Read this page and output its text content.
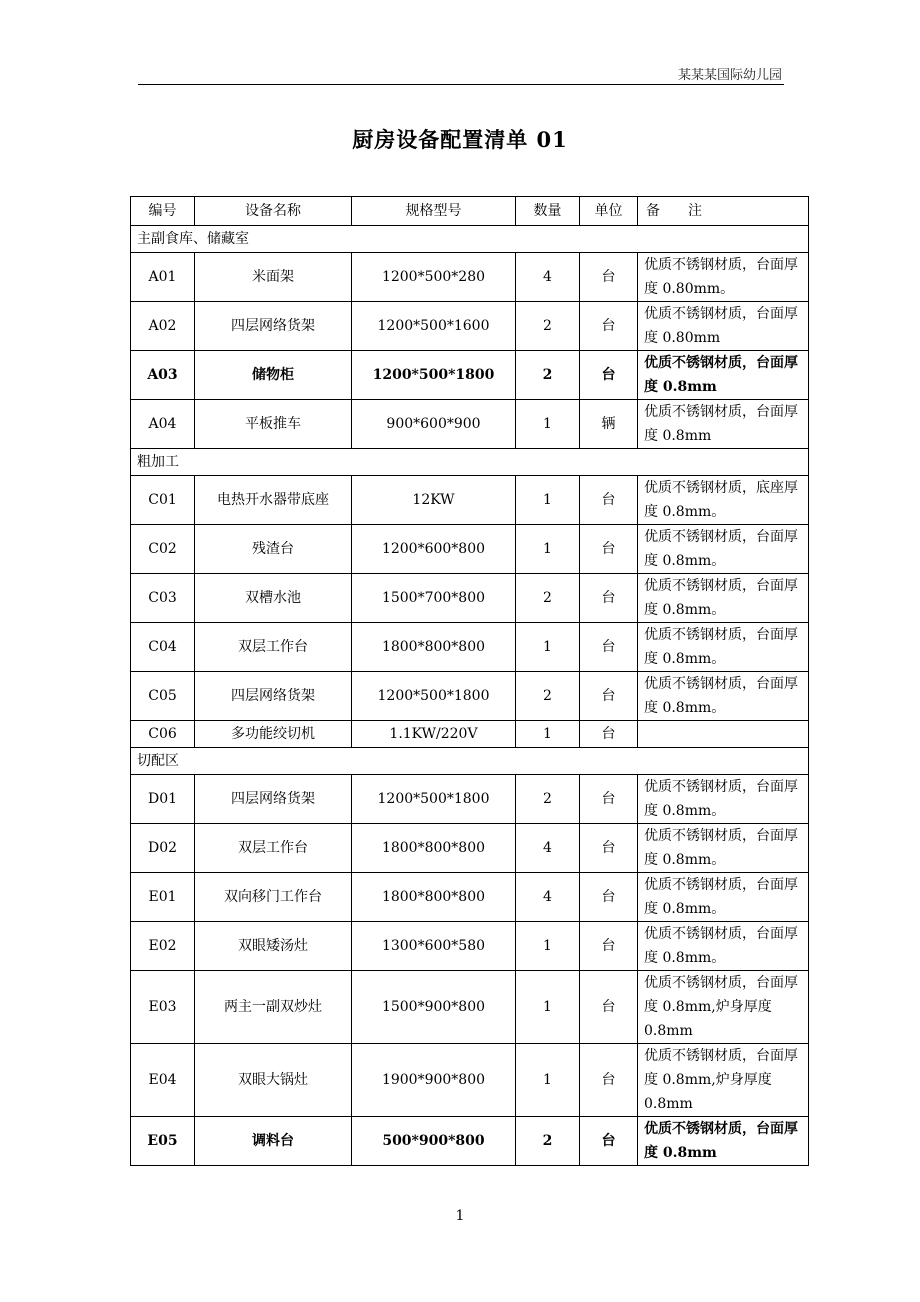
某某某国际幼儿园
厨房设备配置清单 01
编号	设备名称	规格型号	数量	单位	备　　注
主副食库、储藏室					
A01	米面架	1200*500*280	4	台	优质不锈钢材质，台面厚度 0.80mm。
A02	四层网络货架	1200*500*1600	2	台	优质不锈钢材质，台面厚度 0.80mm
A03	储物柜	1200*500*1800	2	台	优质不锈钢材质，台面厚度 0.8mm
A04	平板推车	900*600*900	1	辆	优质不锈钢材质，台面厚度 0.8mm
粗加工					
C01	电热开水器带底座	12KW	1	台	优质不锈钢材质，底座厚度 0.8mm。
C02	残渣台	1200*600*800	1	台	优质不锈钢材质，台面厚度 0.8mm。
C03	双槽水池	1500*700*800	2	台	优质不锈钢材质，台面厚度 0.8mm。
C04	双层工作台	1800*800*800	1	台	优质不锈钢材质，台面厚度 0.8mm。
C05	四层网络货架	1200*500*1800	2	台	优质不锈钢材质，台面厚度 0.8mm。
C06	多功能绞切机	1.1KW/220V	1	台	
切配区					
D01	四层网络货架	1200*500*1800	2	台	优质不锈钢材质，台面厚度 0.8mm。
D02	双层工作台	1800*800*800	4	台	优质不锈钢材质，台面厚度 0.8mm。
E01	双向移门工作台	1800*800*800	4	台	优质不锈钢材质，台面厚度 0.8mm。
E02	双眼矮汤灶	1300*600*580	1	台	优质不锈钢材质，台面厚度 0.8mm。
E03	两主一副双炒灶	1500*900*800	1	台	优质不锈钢材质，台面厚度 0.8mm,炉身厚度 0.8mm
E04	双眼大锅灶	1900*900*800	1	台	优质不锈钢材质，台面厚度 0.8mm,炉身厚度 0.8mm
E05	调料台	500*900*800	2	台	优质不锈钢材质，台面厚度 0.8mm
1
